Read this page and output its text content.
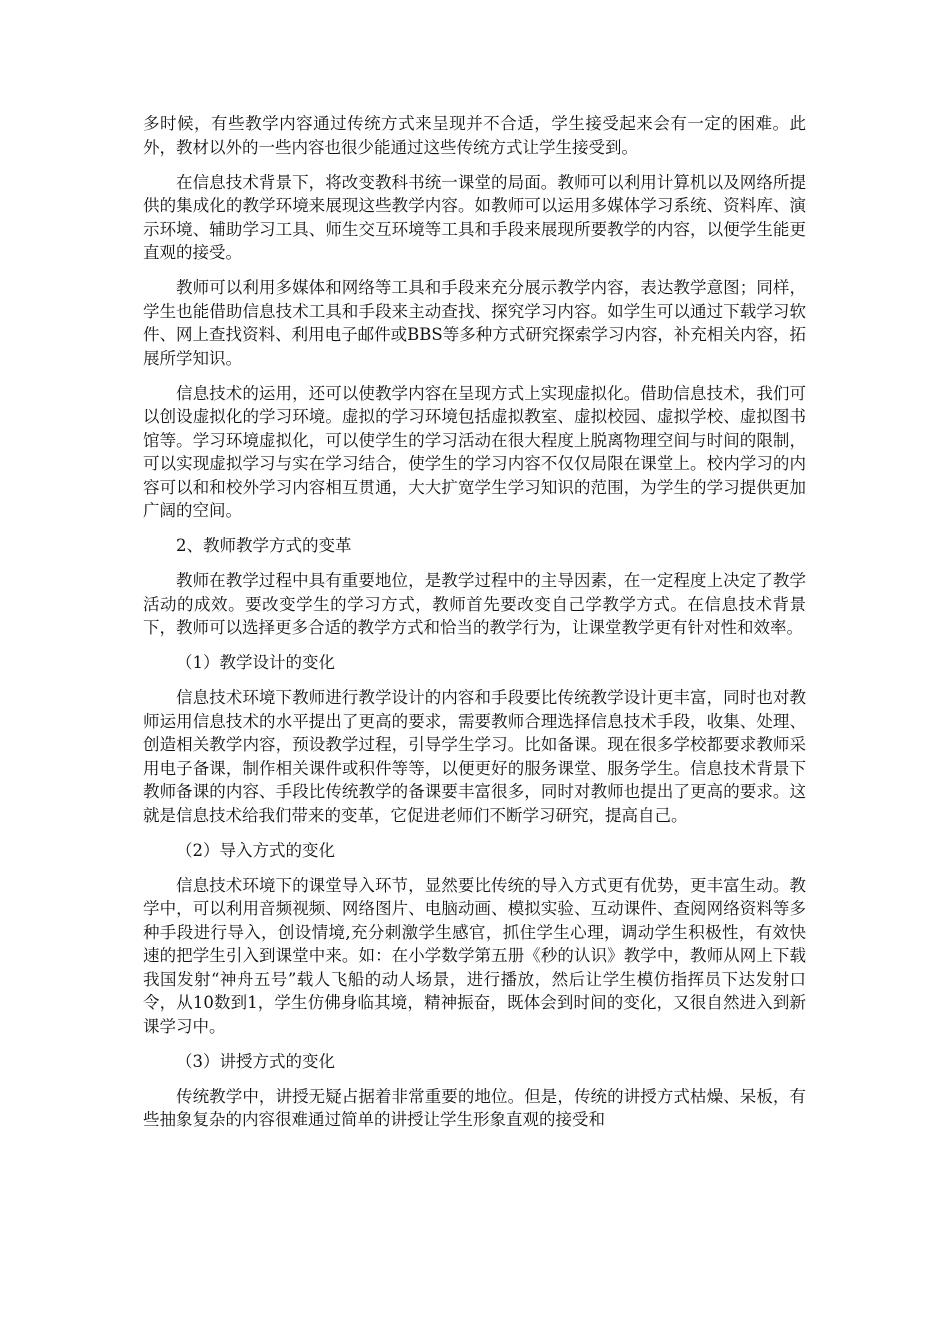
多时候，有些教学内容通过传统方式来呈现并不合适，学生接受起来会有一定的困难。此外，教材以外的一些内容也很少能通过这些传统方式让学生接受到。

在信息技术背景下，将改变教科书统一课堂的局面。教师可以利用计算机以及网络所提供的集成化的教学环境来展现这些教学内容。如教师可以运用多媒体学习系统、资料库、演示环境、辅助学习工具、师生交互环境等工具和手段来展现所要教学的内容，以便学生能更直观的接受。

教师可以利用多媒体和网络等工具和手段来充分展示教学内容，表达教学意图；同样，学生也能借助信息技术工具和手段来主动查找、探究学习内容。如学生可以通过下载学习软件、网上查找资料、利用电子邮件或BBS等多种方式研究探索学习内容，补充相关内容，拓展所学知识。

信息技术的运用，还可以使教学内容在呈现方式上实现虚拟化。借助信息技术，我们可以创设虚拟化的学习环境。虚拟的学习环境包括虚拟教室、虚拟校园、虚拟学校、虚拟图书馆等。学习环境虚拟化，可以使学生的学习活动在很大程度上脱离物理空间与时间的限制，可以实现虚拟学习与实在学习结合，使学生的学习内容不仅仅局限在课堂上。校内学习的内容可以和和校外学习内容相互贯通，大大扩宽学生学习知识的范围，为学生的学习提供更加广阔的空间。

2、教师教学方式的变革

教师在教学过程中具有重要地位，是教学过程中的主导因素，在一定程度上决定了教学活动的成效。要改变学生的学习方式，教师首先要改变自己学教学方式。在信息技术背景下，教师可以选择更多合适的教学方式和恰当的教学行为，让课堂教学更有针对性和效率。

（1）教学设计的变化

信息技术环境下教师进行教学设计的内容和手段要比传统教学设计更丰富，同时也对教师运用信息技术的水平提出了更高的要求，需要教师合理选择信息技术手段，收集、处理、创造相关教学内容，预设教学过程，引导学生学习。比如备课。现在很多学校都要求教师采用电子备课，制作相关课件或积件等等，以便更好的服务课堂、服务学生。信息技术背景下教师备课的内容、手段比传统教学的备课要丰富很多，同时对教师也提出了更高的要求。这就是信息技术给我们带来的变革，它促进老师们不断学习研究，提高自己。

（2）导入方式的变化

信息技术环境下的课堂导入环节，显然要比传统的导入方式更有优势，更丰富生动。教学中，可以利用音频视频、网络图片、电脑动画、模拟实验、互动课件、查阅网络资料等多种手段进行导入，创设情境,充分刺激学生感官，抓住学生心理，调动学生积极性，有效快速的把学生引入到课堂中来。如：在小学数学第五册《秒的认识》教学中，教师从网上下载我国发射“神舟五号”载人飞船的动人场景，进行播放，然后让学生模仿指挥员下达发射口令，从10数到1，学生仿佛身临其境，精神振奋，既体会到时间的变化，又很自然进入到新课学习中。

（3）讲授方式的变化

传统教学中，讲授无疑占据着非常重要的地位。但是，传统的讲授方式枯燥、呆板，有些抽象复杂的内容很难通过简单的讲授让学生形象直观的接受和
